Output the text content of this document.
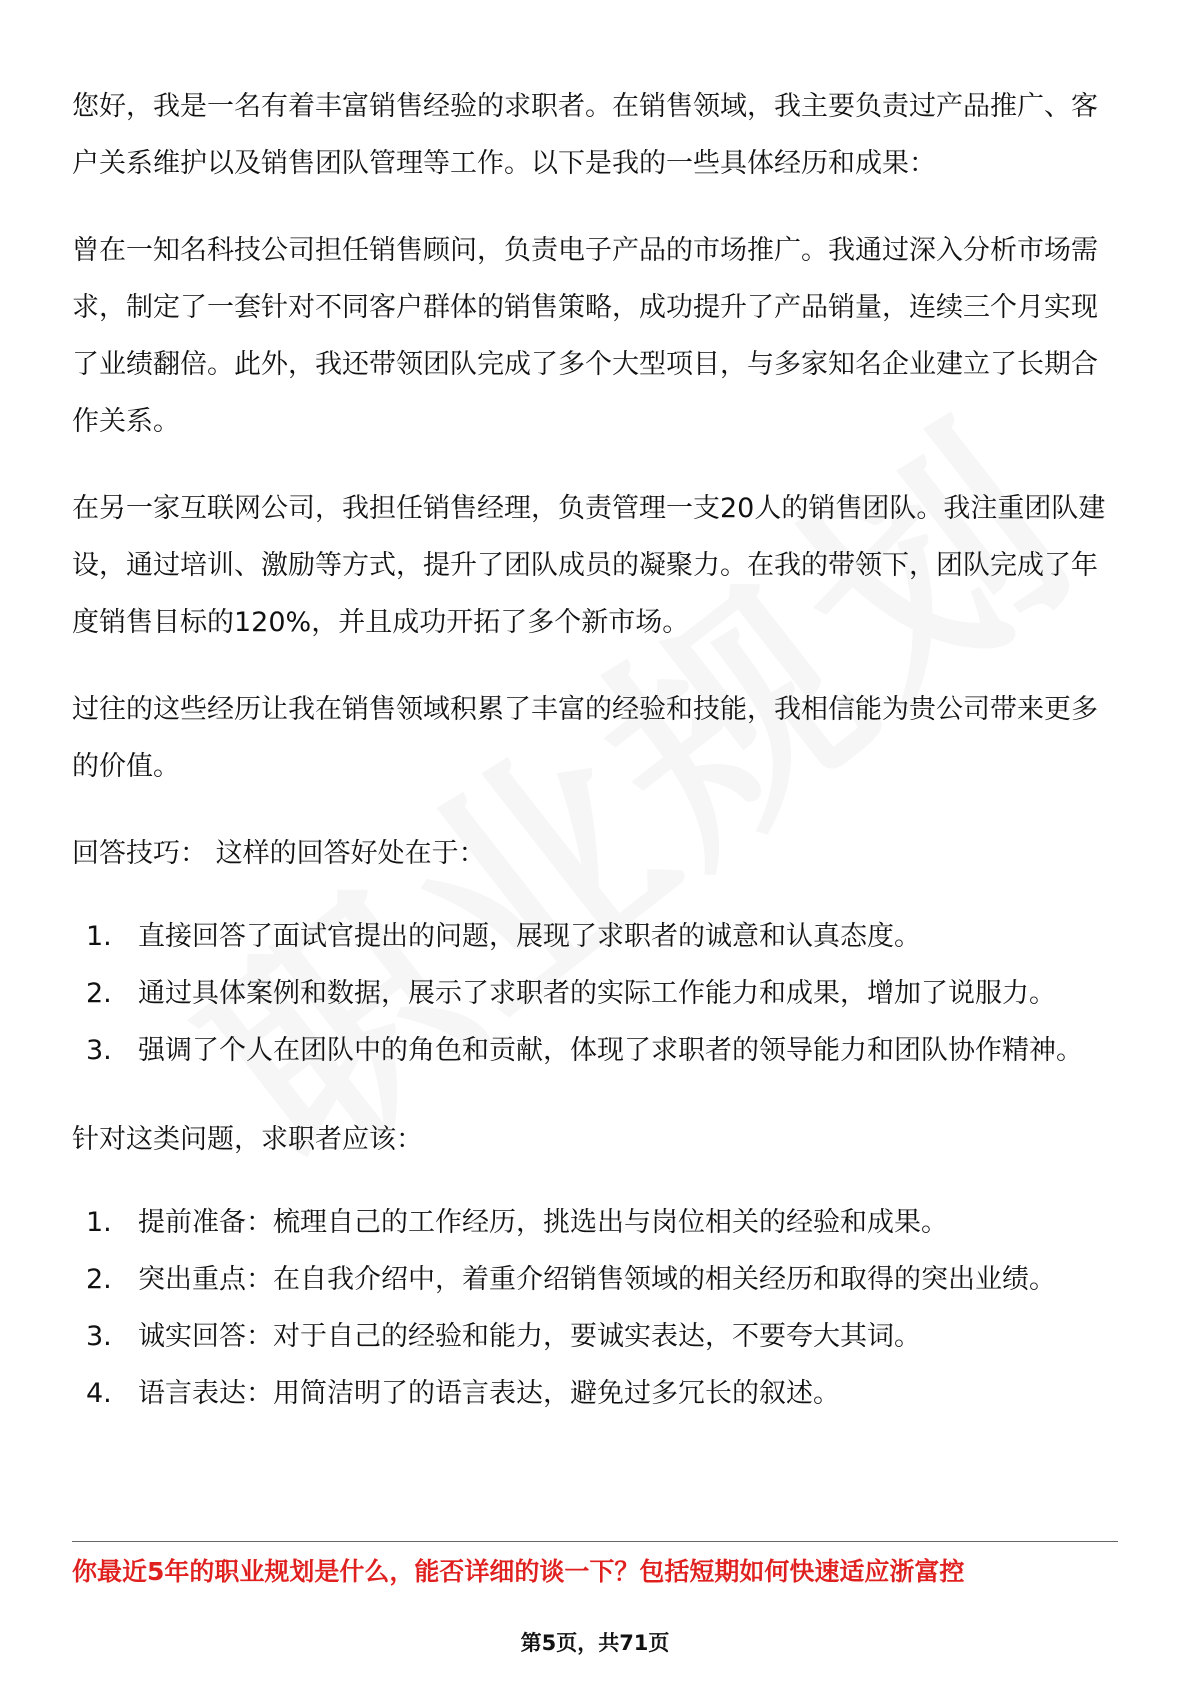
您好，我是一名有着丰富销售经验的求职者。在销售领域，我主要负责过产品推广、客户关系维护以及销售团队管理等工作。以下是我的一些具体经历和成果：

曾在一知名科技公司担任销售顾问，负责电子产品的市场推广。我通过深入分析市场需求，制定了一套针对不同客户群体的销售策略，成功提升了产品销量，连续三个月实现了业绩翻倍。此外，我还带领团队完成了多个大型项目，与多家知名企业建立了长期合作关系。

在另一家互联网公司，我担任销售经理，负责管理一支20人的销售团队。我注重团队建设，通过培训、激励等方式，提升了团队成员的凝聚力。在我的带领下，团队完成了年度销售目标的120%，并且成功开拓了多个新市场。

过往的这些经历让我在销售领域积累了丰富的经验和技能，我相信能为贵公司带来更多的价值。

回答技巧： 这样的回答好处在于：

1. 直接回答了面试官提出的问题，展现了求职者的诚意和认真态度。
2. 通过具体案例和数据，展示了求职者的实际工作能力和成果，增加了说服力。
3. 强调了个人在团队中的角色和贡献，体现了求职者的领导能力和团队协作精神。

针对这类问题，求职者应该：

1. 提前准备：梳理自己的工作经历，挑选出与岗位相关的经验和成果。
2. 突出重点：在自我介绍中，着重介绍销售领域的相关经历和取得的突出业绩。
3. 诚实回答：对于自己的经验和能力，要诚实表达，不要夸大其词。
4. 语言表达：用简洁明了的语言表达，避免过多冗长的叙述。
你最近5年的职业规划是什么，能否详细的谈一下？包括短期如何快速适应浙富控
第5页，共71页
